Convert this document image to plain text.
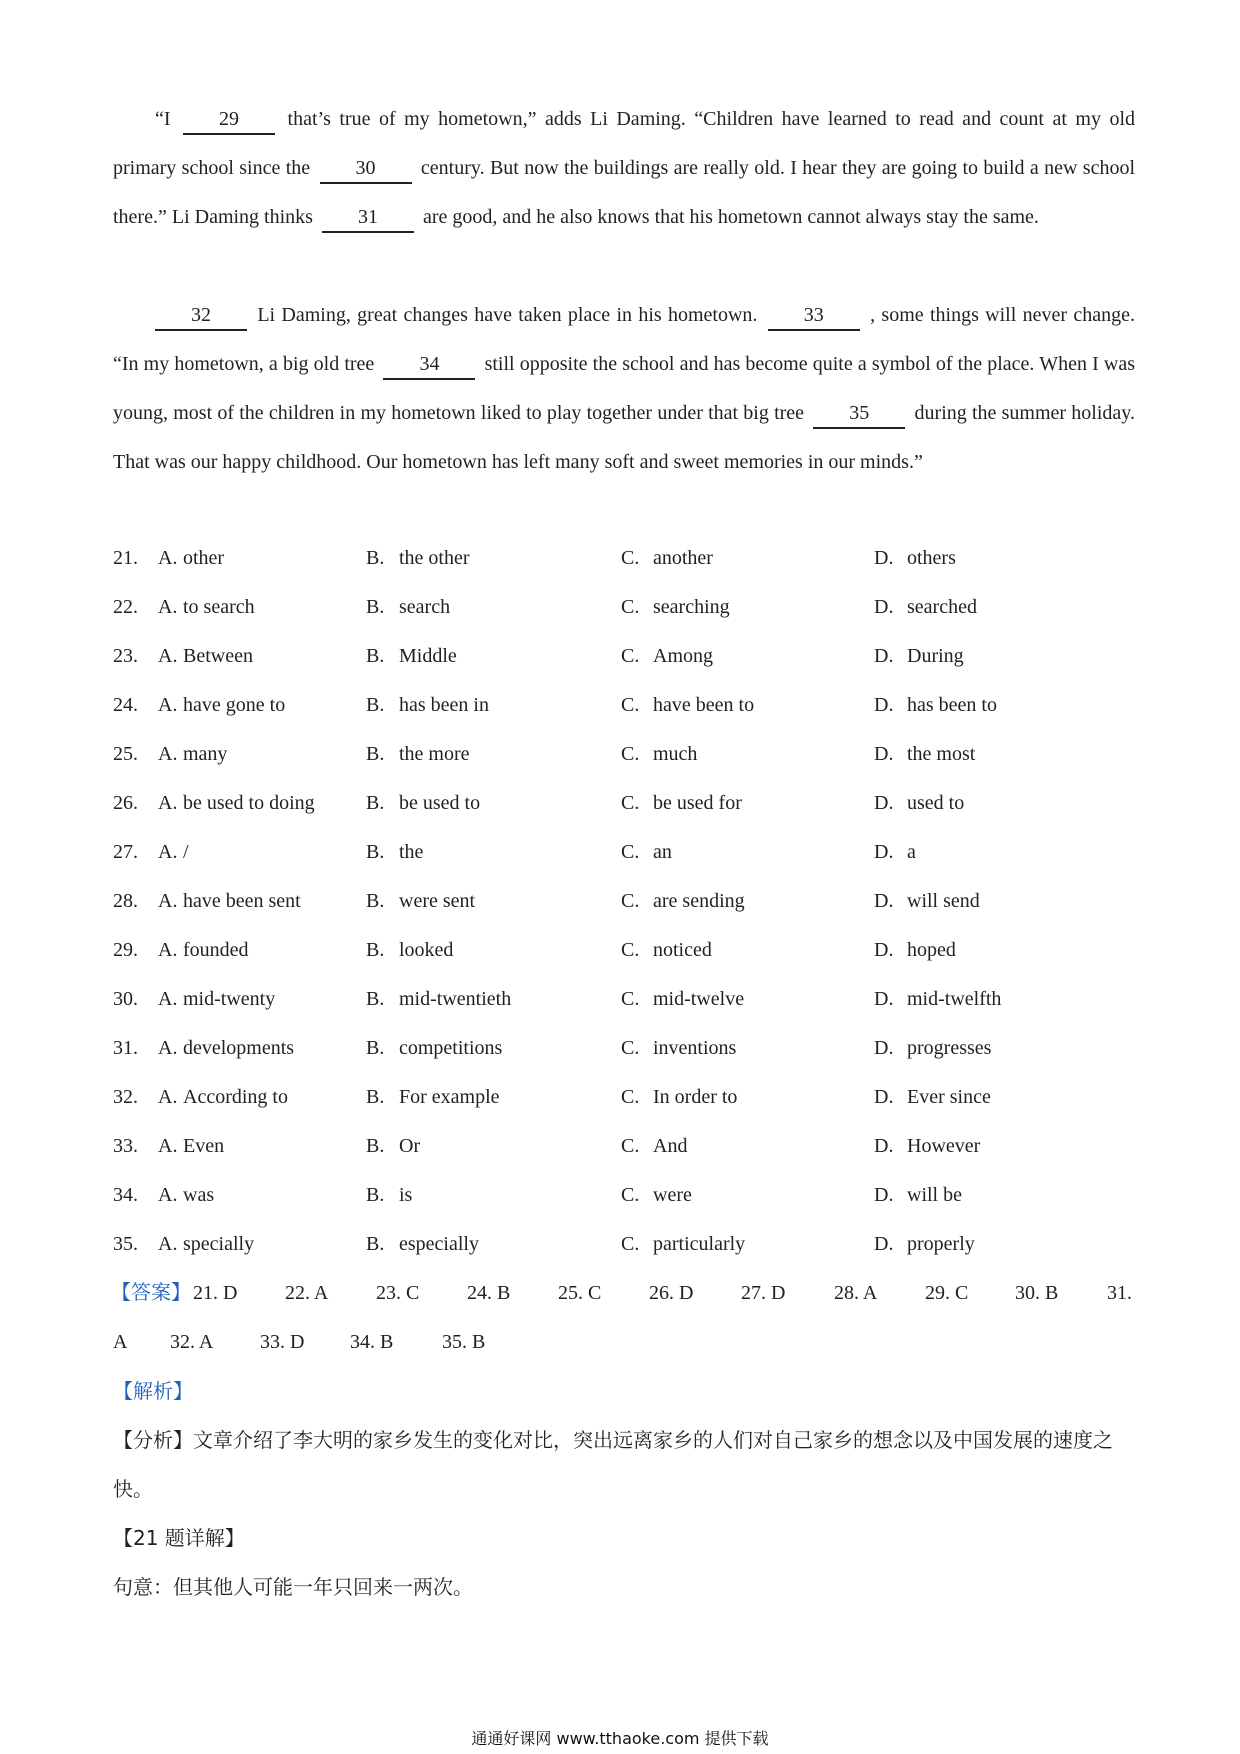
“I 29 that’s true of my hometown,” adds Li Daming. “Children have learned to read and count at my old primary school since the 30 century. But now the buildings are really old. I hear they are going to build a new school there.” Li Daming thinks 31 are good, and he also knows that his hometown cannot always stay the same.
32 Li Daming, great changes have taken place in his hometown. 33 , some things will never change. “In my hometown, a big old tree 34 still opposite the school and has become quite a symbol of the place. When I was young, most of the children in my hometown liked to play together under that big tree 35 during the summer holiday. That was our happy childhood. Our hometown has left many soft and sweet memories in our minds.”
21. A. other	B. the other	C. another	D. others
22. A. to search	B. search	C. searching	D. searched
23. A. Between	B. Middle	C. Among	D. During
24. A. have gone to	B. has been in	C. have been to	D. has been to
25. A. many	B. the more	C. much	D. the most
26. A. be used to doing	B. be used to	C. be used for	D. used to
27. A. /	B. the	C. an	D. a
28. A. have been sent	B. were sent	C. are sending	D. will send
29. A. founded	B. looked	C. noticed	D. hoped
30. A. mid-twenty	B. mid-twentieth	C. mid-twelve	D. mid-twelfth
31. A. developments	B. competitions	C. inventions	D. progresses
32. A. According to	B. For example	C. In order to	D. Ever since
33. A. Even	B. Or	C. And	D. However
34. A. was	B. is	C. were	D. will be
35. A. specially	B. especially	C. particularly	D. properly
【答案】 21. D 22. A 23. C 24. B 25. C 26. D 27. D 28. A 29. C 30. B 31.
A 32. A 33. D 34. B 35. B
【解析】
【分析】文章介绍了李大明的家乡发生的变化对比，突出远离家乡的人们对自己家乡的想念以及中国发展的速度之快。
【21 题详解】
句意：但其他人可能一年只回来一两次。
通通好课网 www.tthaoke.com 提供下载
